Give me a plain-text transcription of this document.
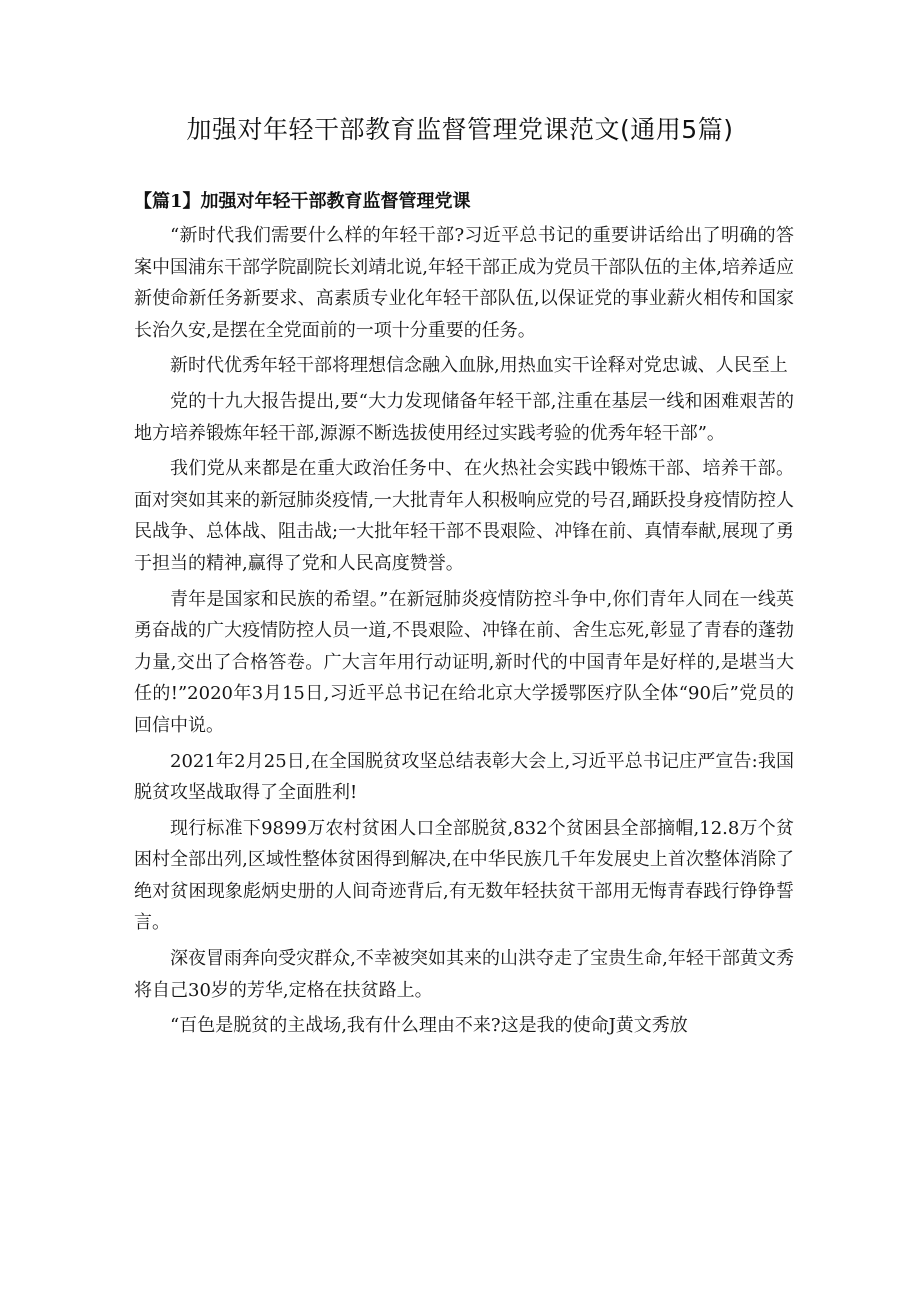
加强对年轻干部教育监督管理党课范文(通用5篇)
【篇1】加强对年轻干部教育监督管理党课

“新时代我们需要什么样的年轻干部?习近平总书记的重要讲话给出了明确的答案中国浦东干部学院副院长刘靖北说,年轻干部正成为党员干部队伍的主体,培养适应新使命新任务新要求、高素质专业化年轻干部队伍,以保证党的事业薪火相传和国家长治久安,是摆在全党面前的一项十分重要的任务。

新时代优秀年轻干部将理想信念融入血脉,用热血实干诠释对党忠诚、人民至上

党的十九大报告提出,要“大力发现储备年轻干部,注重在基层一线和困难艰苦的地方培养锻炼年轻干部,源源不断选拔使用经过实践考验的优秀年轻干部”。

我们党从来都是在重大政治任务中、在火热社会实践中锻炼干部、培养干部。面对突如其来的新冠肺炎疫情,一大批青年人积极响应党的号召,踊跃投身疫情防控人民战争、总体战、阻击战;一大批年轻干部不畏艰险、冲锋在前、真情奉献,展现了勇于担当的精神,赢得了党和人民高度赞誉。

青年是国家和民族的希望。”在新冠肺炎疫情防控斗争中,你们青年人同在一线英勇奋战的广大疫情防控人员一道,不畏艰险、冲锋在前、舍生忘死,彰显了青春的蓬勃力量,交出了合格答卷。广大言年用行动证明,新时代的中国青年是好样的,是堪当大任的!”2020年3月15日,习近平总书记在给北京大学援鄂医疗队全体“90后”党员的回信中说。

2021年2月25日,在全国脱贫攻坚总结表彰大会上,习近平总书记庄严宣告:我国脱贫攻坚战取得了全面胜利!

现行标准下9899万农村贫困人口全部脱贫,832个贫困县全部摘帽,12.8万个贫困村全部出列,区域性整体贫困得到解决,在中华民族几千年发展史上首次整体消除了绝对贫困现象彪炳史册的人间奇迹背后,有无数年轻扶贫干部用无悔青春践行铮铮誓言。

深夜冒雨奔向受灾群众,不幸被突如其来的山洪夺走了宝贵生命,年轻干部黄文秀将自己30岁的芳华,定格在扶贫路上。

“百色是脱贫的主战场,我有什么理由不来?这是我的使命J黄文秀放
